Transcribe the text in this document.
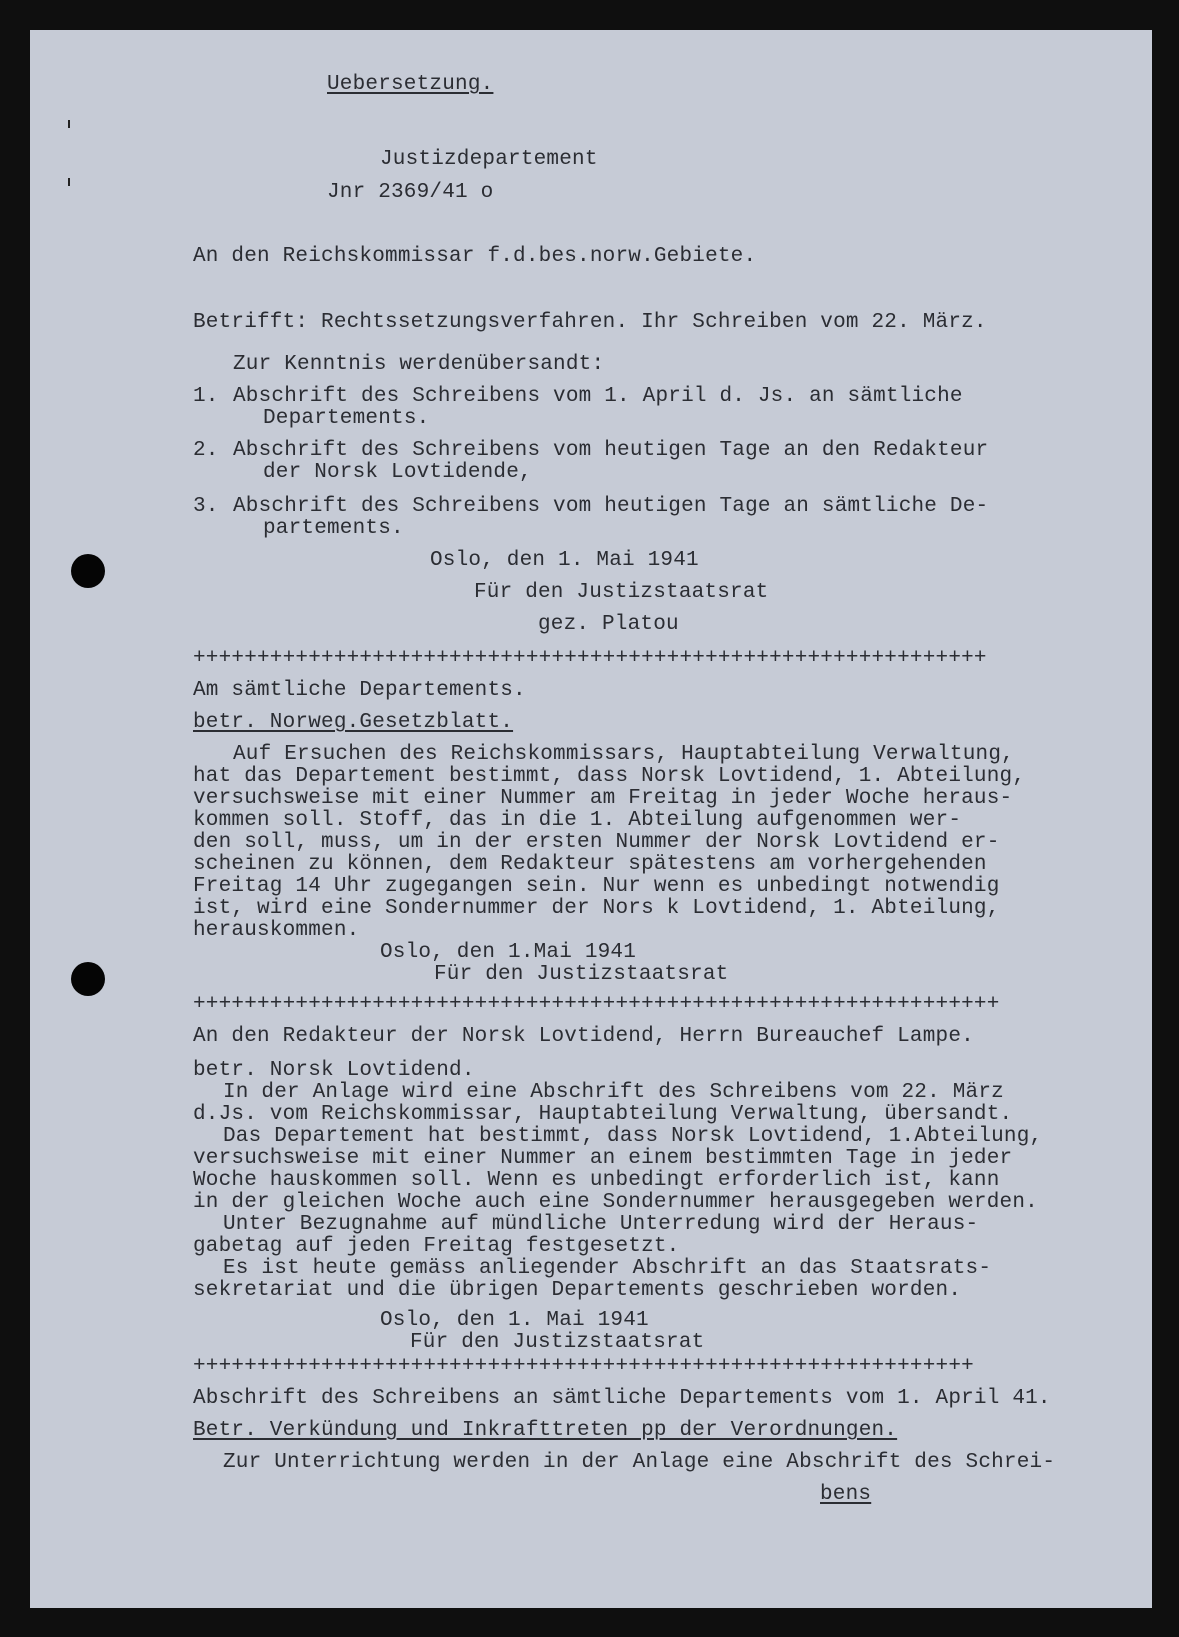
Uebersetzung.
Justizdepartement
Jnr 2369/41 o
An den Reichskommissar f.d.bes.norw.Gebiete.
Betrifft: Rechtssetzungsverfahren. Ihr Schreiben vom 22. März.
Zur Kenntnis werdenübersandt:
1. Abschrift des Schreibens vom 1. April d. Js. an sämtliche
Departements.
2. Abschrift des Schreibens vom heutigen Tage an den Redakteur
der Norsk Lovtidende,
3. Abschrift des Schreibens vom heutigen Tage an sämtliche De-
partements.
Oslo, den 1. Mai 1941
Für den Justizstaatsrat
gez. Platou
++++++++++++++++++++++++++++++++++++++++++++++++++++++++++++++
Am sämtliche Departements.
betr. Norweg.Gesetzblatt.
Auf Ersuchen des Reichskommissars, Hauptabteilung Verwaltung,
hat das Departement bestimmt, dass Norsk Lovtidend, 1. Abteilung,
versuchsweise mit einer Nummer am Freitag in jeder Woche heraus-
kommen soll. Stoff, das in die 1. Abteilung aufgenommen wer-
den soll, muss, um in der ersten Nummer der Norsk Lovtidend er-
scheinen zu können, dem Redakteur spätestens am vorhergehenden
Freitag 14 Uhr zugegangen sein. Nur wenn es unbedingt notwendig
ist, wird eine Sondernummer der Nors k Lovtidend, 1. Abteilung,
herauskommen.
Oslo, den 1.Mai 1941
Für den Justizstaatsrat
+++++++++++++++++++++++++++++++++++++++++++++++++++++++++++++++
An den Redakteur der Norsk Lovtidend, Herrn Bureauchef Lampe.
betr. Norsk Lovtidend.
In der Anlage wird eine Abschrift des Schreibens vom 22. März
d.Js. vom Reichskommissar, Hauptabteilung Verwaltung, übersandt.
Das Departement hat bestimmt, dass Norsk Lovtidend, 1.Abteilung,
versuchsweise mit einer Nummer an einem bestimmten Tage in jeder
Woche hauskommen soll. Wenn es unbedingt erforderlich ist, kann
in der gleichen Woche auch eine Sondernummer herausgegeben werden.
Unter Bezugnahme auf mündliche Unterredung wird der Heraus-
gabetag auf jeden Freitag festgesetzt.
Es ist heute gemäss anliegender Abschrift an das Staatsrats-
sekretariat und die übrigen Departements geschrieben worden.
Oslo, den 1. Mai 1941
Für den Justizstaatsrat
+++++++++++++++++++++++++++++++++++++++++++++++++++++++++++++
Abschrift des Schreibens an sämtliche Departements vom 1. April 41.
Betr. Verkündung und Inkrafttreten pp der Verordnungen.
Zur Unterrichtung werden in der Anlage eine Abschrift des Schrei-
bens
